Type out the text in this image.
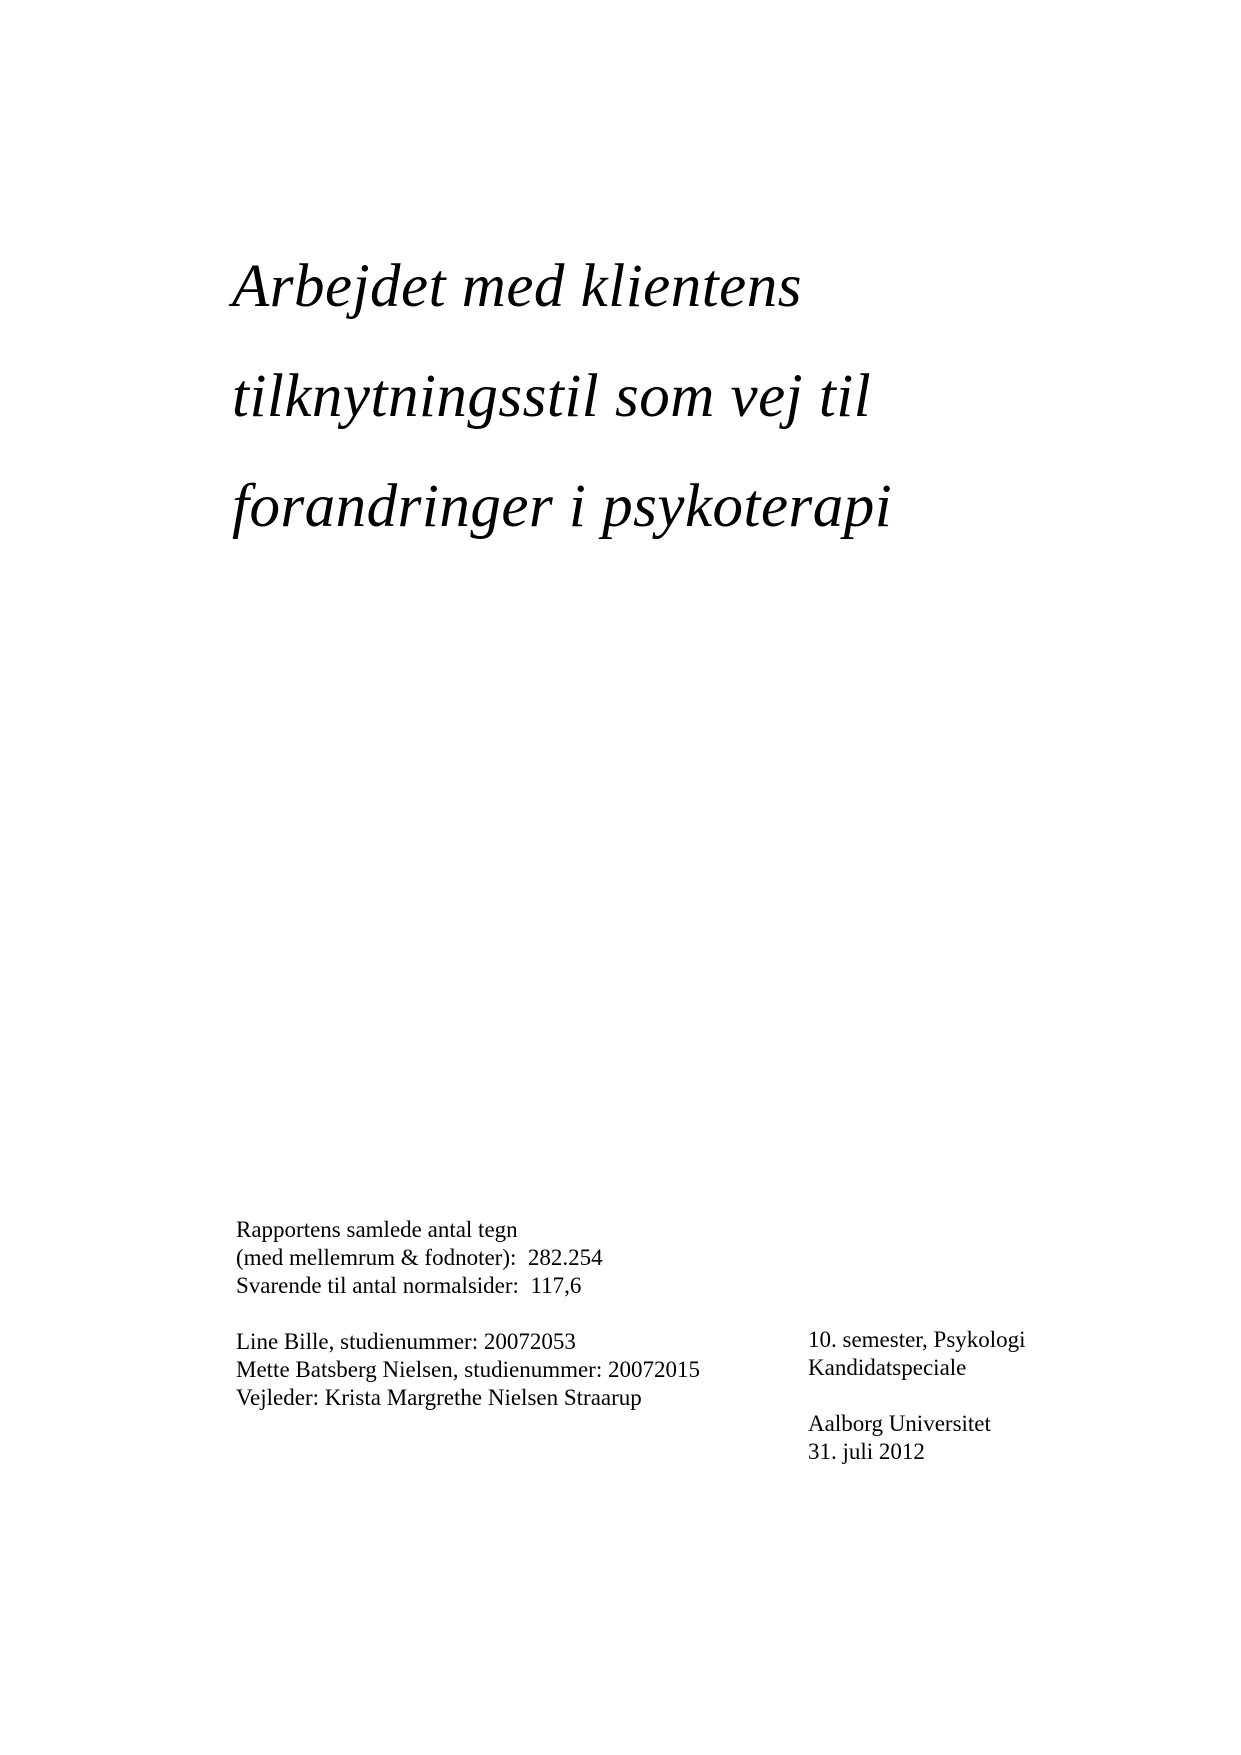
Arbejdet med klientens
tilknytningsstil som vej til
forandringer i psykoterapi
Rapportens samlede antal tegn
(med mellemrum & fodnoter):  282.254
Svarende til antal normalsider:  117,6
Line Bille, studienummer: 20072053
Mette Batsberg Nielsen, studienummer: 20072015
Vejleder: Krista Margrethe Nielsen Straarup
10. semester, Psykologi
Kandidatspeciale
Aalborg Universitet
31. juli 2012
